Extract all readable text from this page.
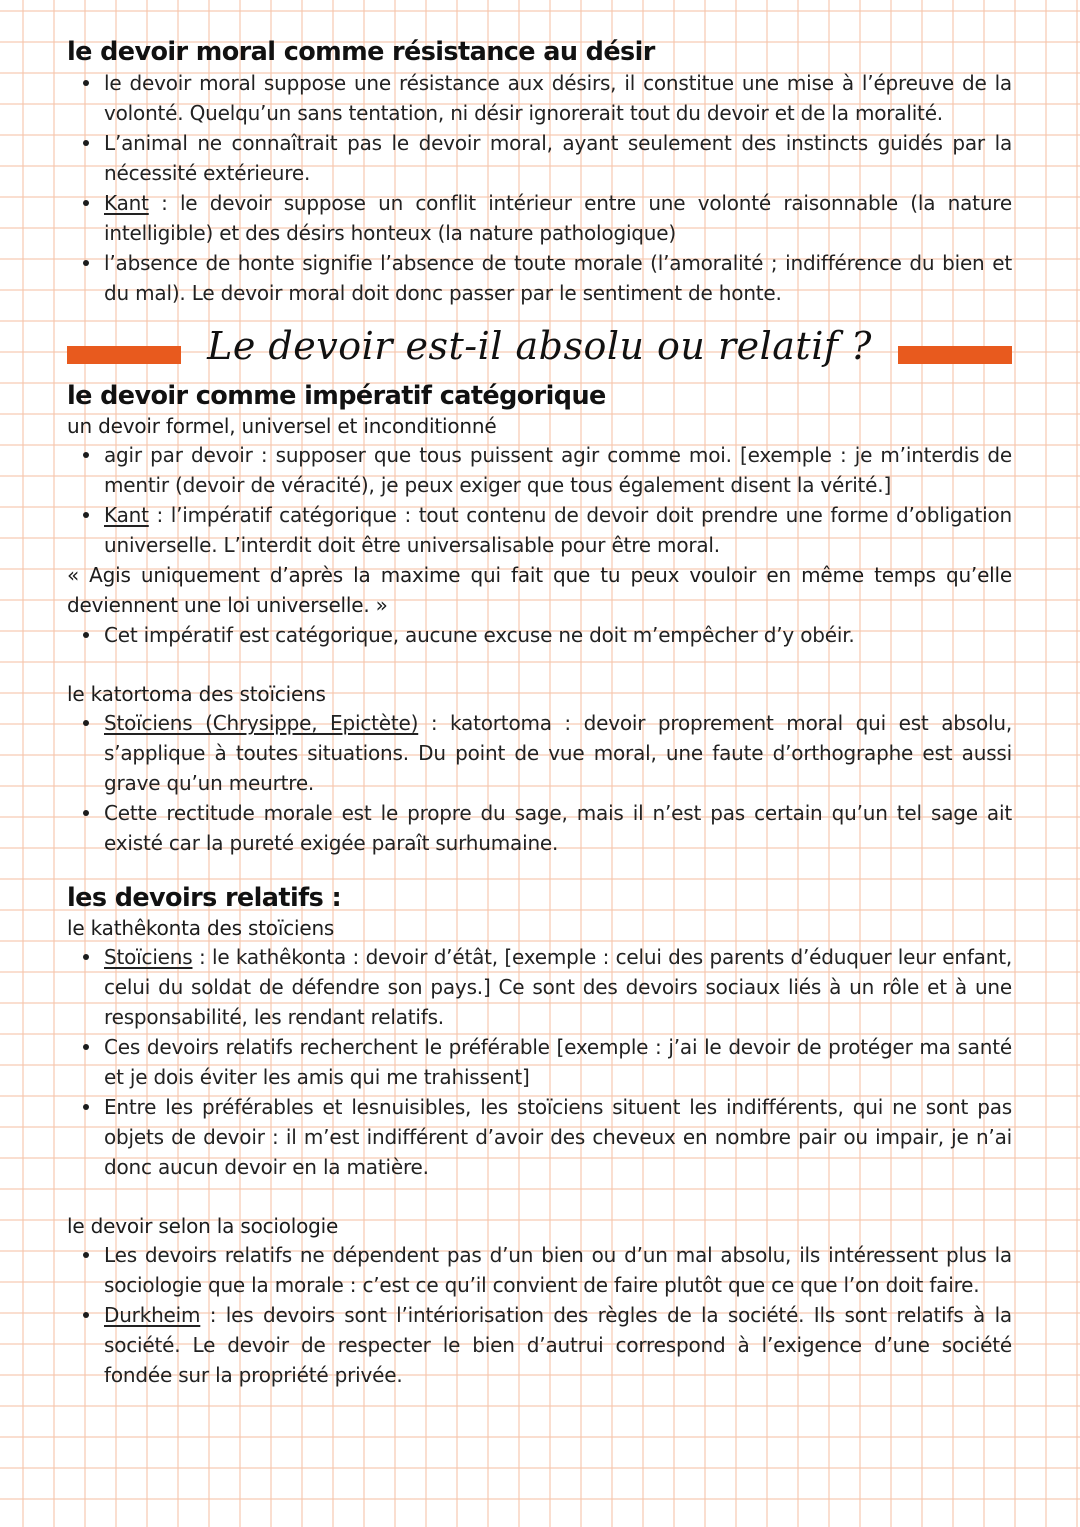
le devoir moral comme résistance au désir
le devoir moral suppose une résistance aux désirs, il constitue une mise à l’épreuve de la volonté. Quelqu’un sans tentation, ni désir ignorerait tout du devoir et de la moralité.
L’animal ne connaîtrait pas le devoir moral, ayant seulement des instincts guidés par la nécessité extérieure.
Kant : le devoir suppose un conflit intérieur entre une volonté raisonnable (la nature intelligible) et des désirs honteux (la nature pathologique)
l’absence de honte signifie l’absence de toute morale (l’amoralité ; indifférence du bien et du mal). Le devoir moral doit donc passer par le sentiment de honte.
Le devoir est-il absolu ou relatif ?
le devoir comme impératif catégorique

un devoir formel, universel et inconditionné

agir par devoir : supposer que tous puissent agir comme moi. [exemple : je m’interdis de mentir (devoir de véracité), je peux exiger que tous également disent la vérité.]
Kant : l’impératif catégorique : tout contenu de devoir doit prendre une forme d’obligation universelle. L’interdit doit être universalisable pour être moral.

« Agis uniquement d’après la maxime qui fait que tu peux vouloir en même temps qu’elle deviennent une loi universelle. »

Cet impératif est catégorique, aucune excuse ne doit m’empêcher d’y obéir.

le katortoma des stoïciens

Stoïciens (Chrysippe, Epictète) : katortoma : devoir proprement moral qui est absolu, s’applique à toutes situations. Du point de vue moral, une faute d’orthographe est aussi grave qu’un meurtre.
Cette rectitude morale est le propre du sage, mais il n’est pas certain qu’un tel sage ait existé car la pureté exigée paraît surhumaine.
les devoirs relatifs :

le kathêkonta des stoïciens

Stoïciens : le kathêkonta : devoir d’étât, [exemple : celui des parents d’éduquer leur enfant, celui du soldat de défendre son pays.] Ce sont des devoirs sociaux liés à un rôle et à une responsabilité, les rendant relatifs.
Ces devoirs relatifs recherchent le préférable [exemple : j’ai le devoir de protéger ma santé et je dois éviter les amis qui me trahissent]
Entre les préférables et lesnuisibles, les stoïciens situent les indifférents, qui ne sont pas objets de devoir : il m’est indifférent d’avoir des cheveux en nombre pair ou impair, je n’ai donc aucun devoir en la matière.

le devoir selon la sociologie

Les devoirs relatifs ne dépendent pas d’un bien ou d’un mal absolu, ils intéressent plus la sociologie que la morale : c’est ce qu’il convient de faire plutôt que ce que l’on doit faire.
Durkheim : les devoirs sont l’intériorisation des règles de la société. Ils sont relatifs à la société. Le devoir de respecter le bien d’autrui correspond à l’exigence d’une société fondée sur la propriété privée.
